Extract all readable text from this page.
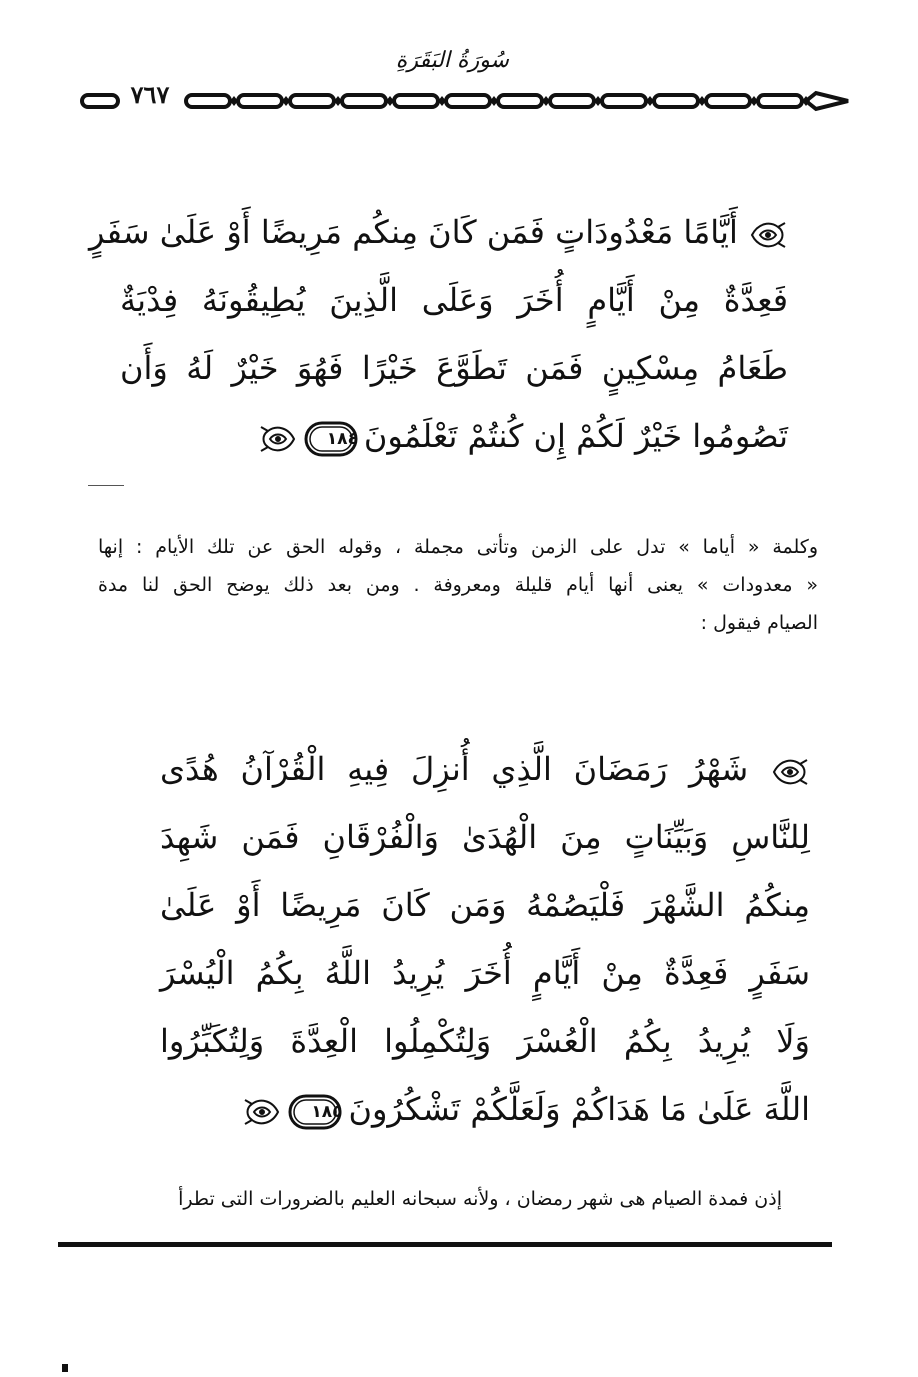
سُورَةُ البَقَرَةِ
٧٦٧
أَيَّامًا مَعْدُودَاتٍ فَمَن كَانَ مِنكُم مَرِيضًا أَوْ عَلَىٰ سَفَرٍ
فَعِدَّةٌ مِنْ أَيَّامٍ أُخَرَ وَعَلَى الَّذِينَ يُطِيقُونَهُ فِدْيَةٌ
طَعَامُ مِسْكِينٍ فَمَن تَطَوَّعَ خَيْرًا فَهُوَ خَيْرٌ لَهُ وَأَن
تَصُومُوا خَيْرٌ لَكُمْ إِن كُنتُمْ تَعْلَمُونَ
١٨٤
وكلمة « أياما » تدل على الزمن وتأتى مجملة ، وقوله الحق عن تلك الأيام : إنها
« معدودات » يعنى أنها أيام قليلة ومعروفة . ومن بعد ذلك يوضح الحق لنا مدة
الصيام فيقول :
شَهْرُ رَمَضَانَ الَّذِي أُنزِلَ فِيهِ الْقُرْآنُ هُدًى
لِلنَّاسِ وَبَيِّنَاتٍ مِنَ الْهُدَىٰ وَالْفُرْقَانِ فَمَن شَهِدَ
مِنكُمُ الشَّهْرَ فَلْيَصُمْهُ وَمَن كَانَ مَرِيضًا أَوْ عَلَىٰ
سَفَرٍ فَعِدَّةٌ مِنْ أَيَّامٍ أُخَرَ يُرِيدُ اللَّهُ بِكُمُ الْيُسْرَ
وَلَا يُرِيدُ بِكُمُ الْعُسْرَ وَلِتُكْمِلُوا الْعِدَّةَ وَلِتُكَبِّرُوا
اللَّهَ عَلَىٰ مَا هَدَاكُمْ وَلَعَلَّكُمْ تَشْكُرُونَ
١٨٥
إذن فمدة الصيام هى شهر رمضان ، ولأنه سبحانه العليم بالضرورات التى تطرأ
